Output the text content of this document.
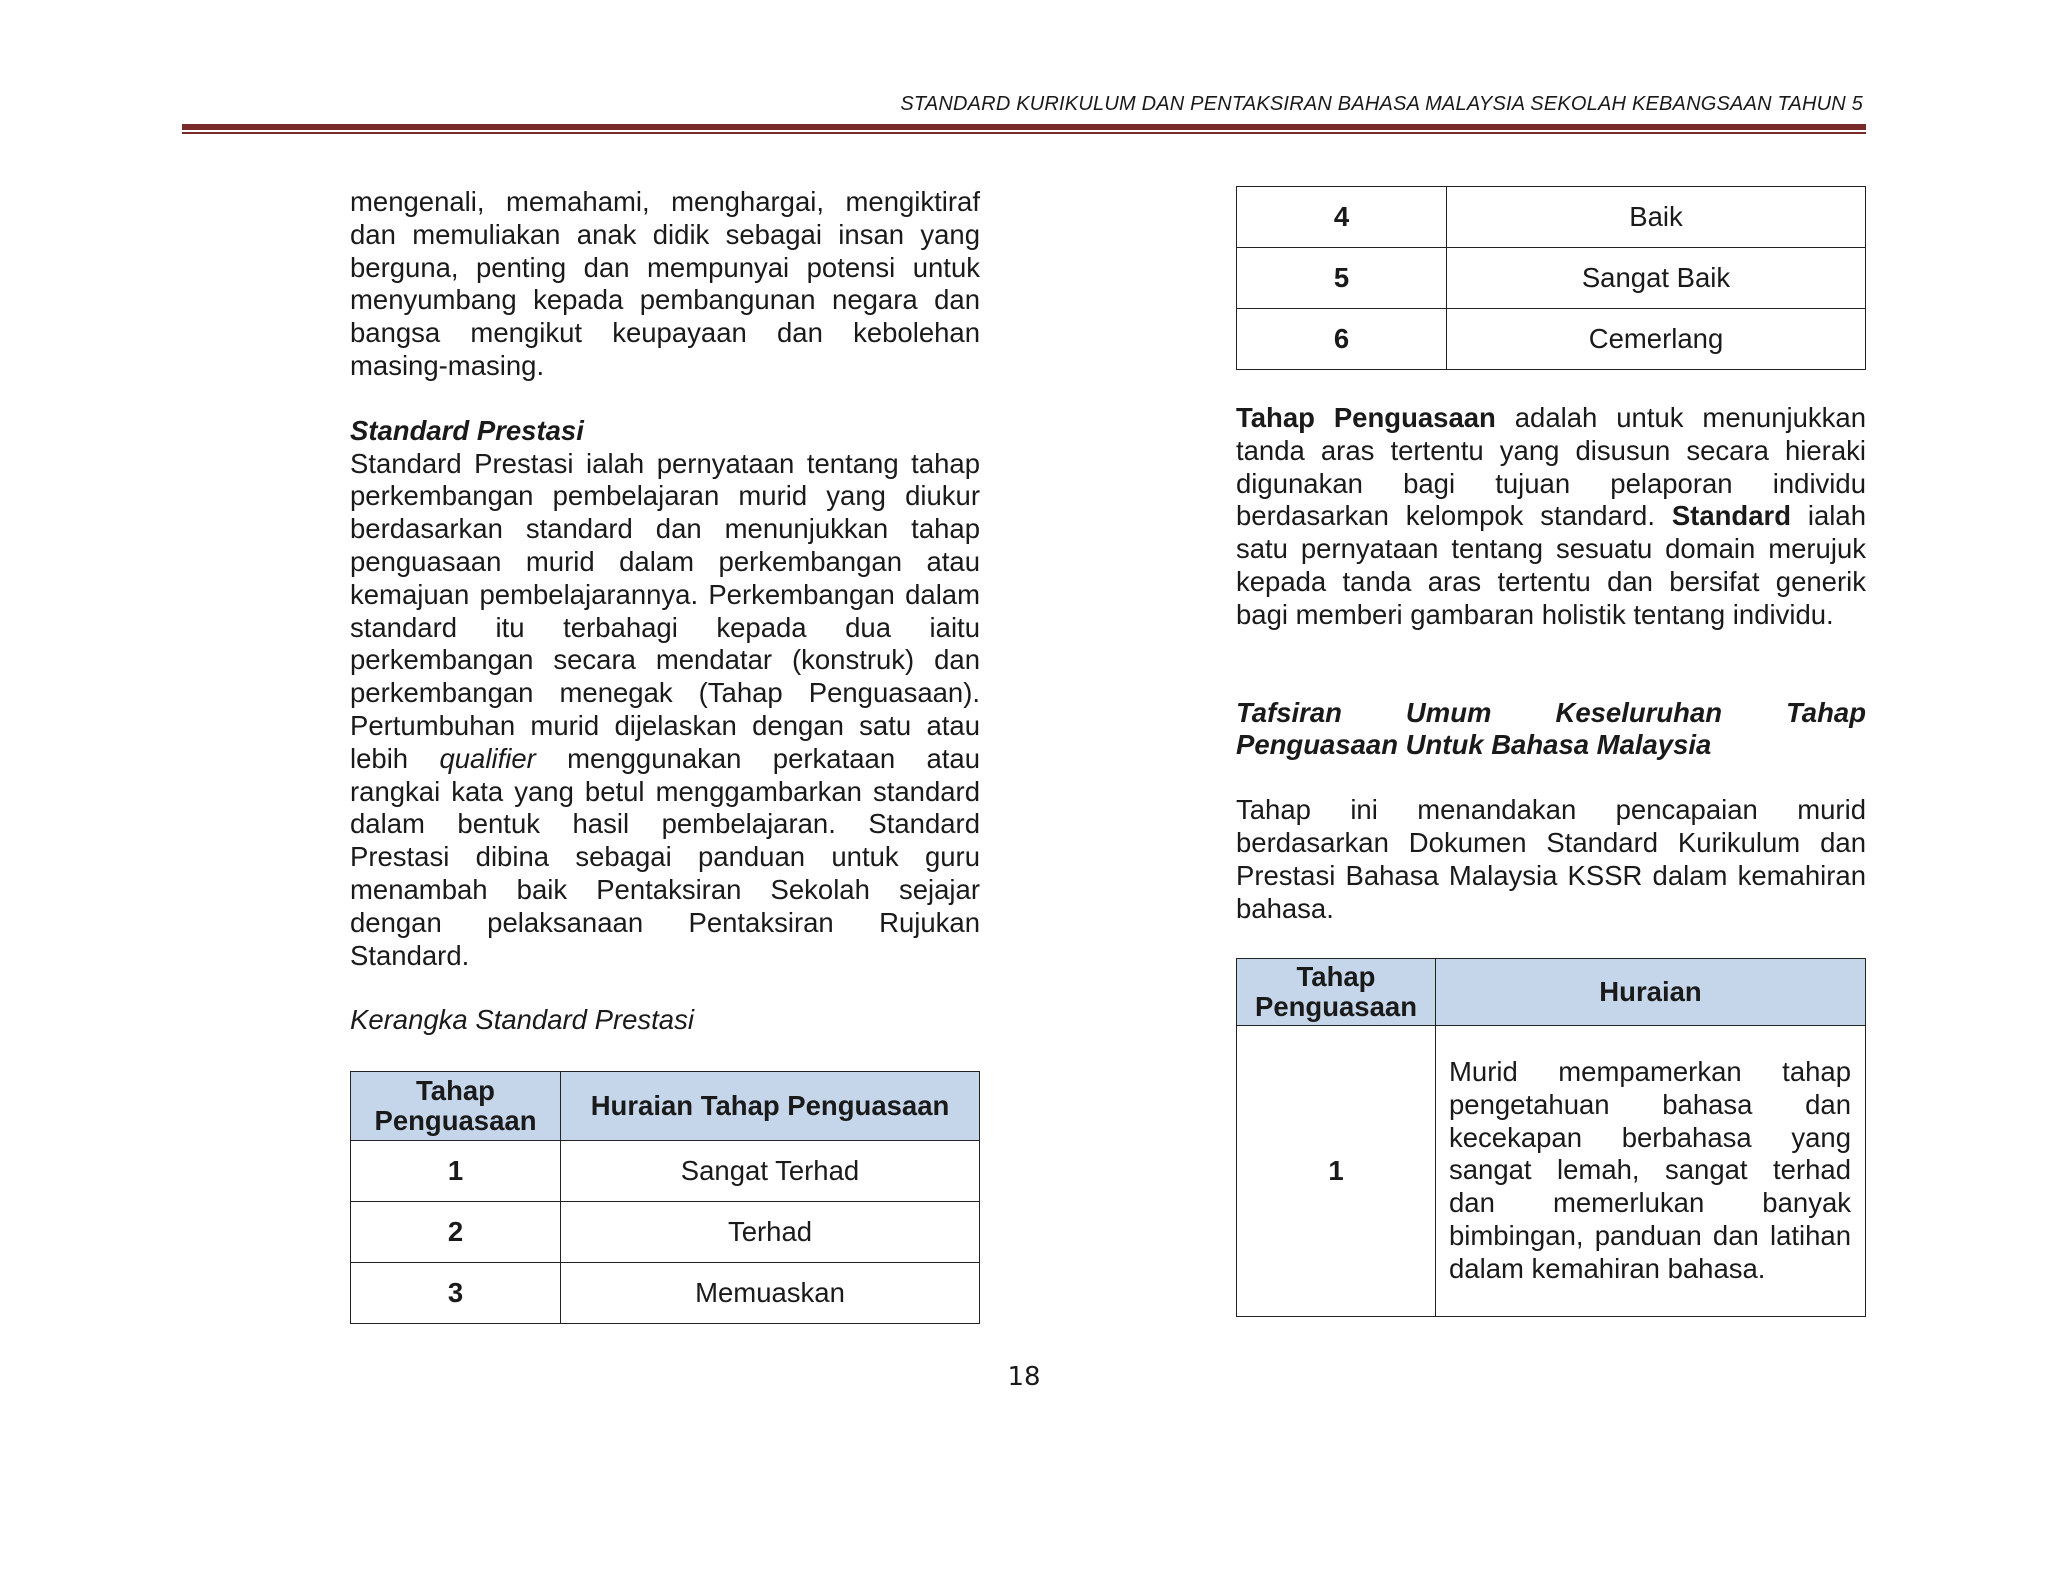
STANDARD KURIKULUM DAN PENTAKSIRAN BAHASA MALAYSIA SEKOLAH KEBANGSAAN TAHUN 5

mengenali, memahami, menghargai, mengiktiraf dan memuliakan anak didik sebagai insan yang berguna, penting dan mempunyai potensi untuk menyumbang kepada pembangunan negara dan bangsa mengikut keupayaan dan kebolehan masing-masing.

Standard Prestasi

Standard Prestasi ialah pernyataan tentang tahap perkembangan pembelajaran murid yang diukur berdasarkan standard dan menunjukkan tahap penguasaan murid dalam perkembangan atau kemajuan pembelajarannya. Perkembangan dalam standard itu terbahagi kepada dua iaitu perkembangan secara mendatar (konstruk) dan perkembangan menegak (Tahap Penguasaan). Pertumbuhan murid dijelaskan dengan satu atau lebih qualifier menggunakan perkataan atau rangkai kata yang betul menggambarkan standard dalam bentuk hasil pembelajaran. Standard Prestasi dibina sebagai panduan untuk guru menambah baik Pentaksiran Sekolah sejajar dengan pelaksanaan Pentaksiran Rujukan Standard.

Kerangka Standard Prestasi

Tahap Penguasaan	Huraian Tahap Penguasaan
1	Sangat Terhad
2	Terhad
3	Memuaskan
4	Baik
5	Sangat Baik
6	Cemerlang

Tahap Penguasaan adalah untuk menunjukkan tanda aras tertentu yang disusun secara hieraki digunakan bagi tujuan pelaporan individu berdasarkan kelompok standard. Standard ialah satu pernyataan tentang sesuatu domain merujuk kepada tanda aras tertentu dan bersifat generik bagi memberi gambaran holistik tentang individu.

Tafsiran Umum Keseluruhan Tahap Penguasaan Untuk Bahasa Malaysia

Tahap ini menandakan pencapaian murid berdasarkan Dokumen Standard Kurikulum dan Prestasi Bahasa Malaysia KSSR dalam kemahiran bahasa.

Tahap Penguasaan	Huraian
1	Murid mempamerkan tahap pengetahuan bahasa dan kecekapan berbahasa yang sangat lemah, sangat terhad dan memerlukan banyak bimbingan, panduan dan latihan dalam kemahiran bahasa.
18
